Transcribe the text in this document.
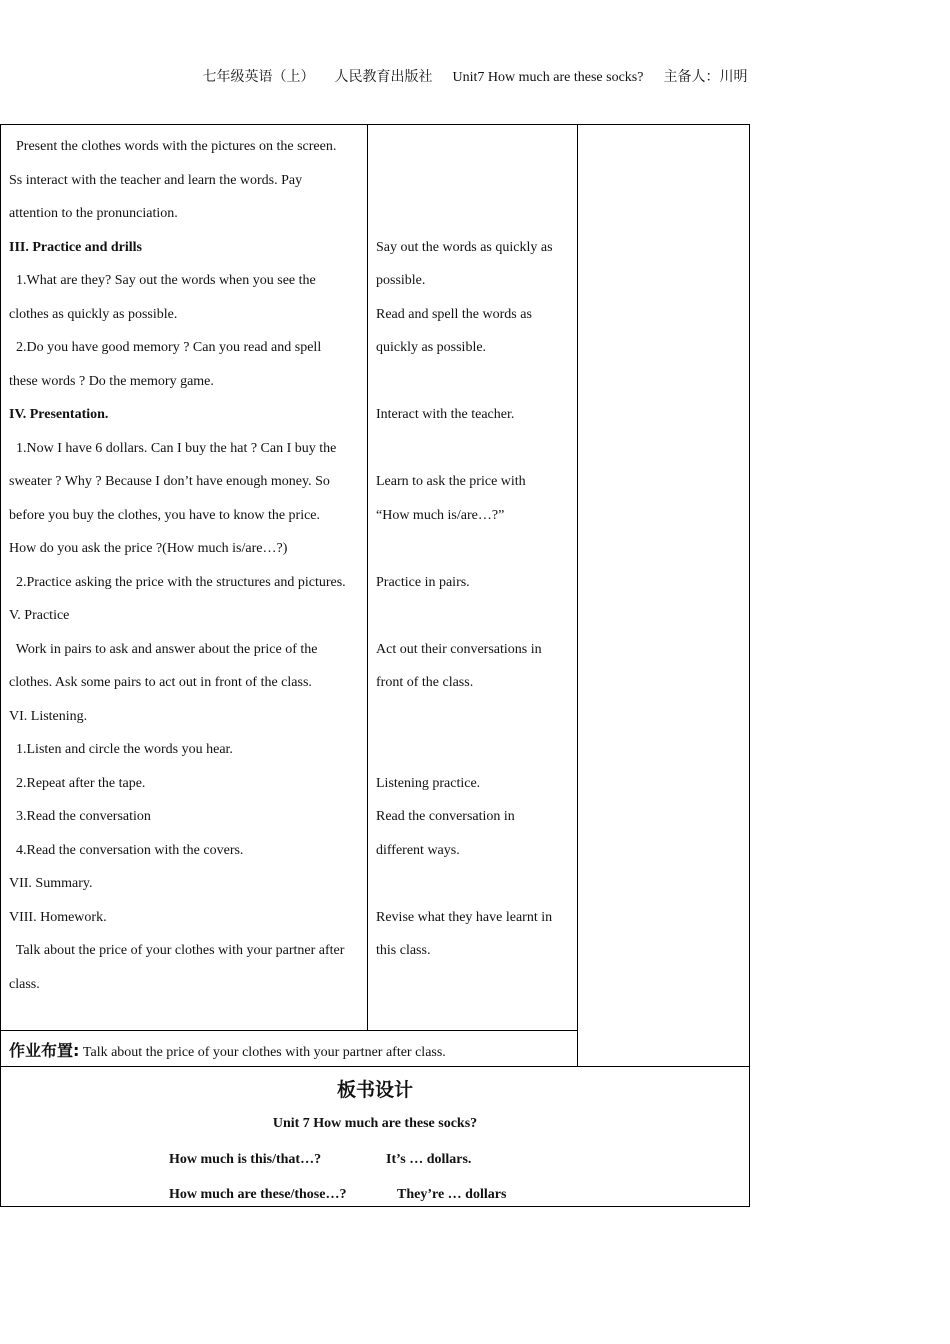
七年级英语（上） 人民教育出版社 Unit7 How much are these socks? 主备人：川明
Present the clothes words with the pictures on the screen.
Ss interact with the teacher and learn the words. Pay
attention to the pronunciation.
III. Practice and drills
1.What are they? Say out the words when you see the
clothes as quickly as possible.
2.Do you have good memory ? Can you read and spell
these words ? Do the memory game.
IV. Presentation.
1.Now I have 6 dollars. Can I buy the hat ? Can I buy the
sweater ? Why ? Because I don’t have enough money. So
before you buy the clothes, you have to know the price.
How do you ask the price ?(How much is/are…?)
2.Practice asking the price with the structures and pictures.
V. Practice
Work in pairs to ask and answer about the price of the
clothes. Ask some pairs to act out in front of the class.
VI. Listening.
1.Listen and circle the words you hear.
2.Repeat after the tape.
3.Read the conversation
4.Read the conversation with the covers.
VII. Summary.
VIII. Homework.
Talk about the price of your clothes with your partner after
class.
Say out the words as quickly as
possible.
Read and spell the words as
quickly as possible.
Interact with the teacher.
Learn to ask the price with
“How much is/are…?”
Practice in pairs.
Act out their conversations in
front of the class.
Listening practice.
Read the conversation in
different ways.
Revise what they have learnt in
this class.
作业布置: Talk about the price of your clothes with your partner after class.
板书设计
Unit 7 How much are these socks?
How much is this/that…?	It’s … dollars.
How much are these/those…?	They’re … dollars
